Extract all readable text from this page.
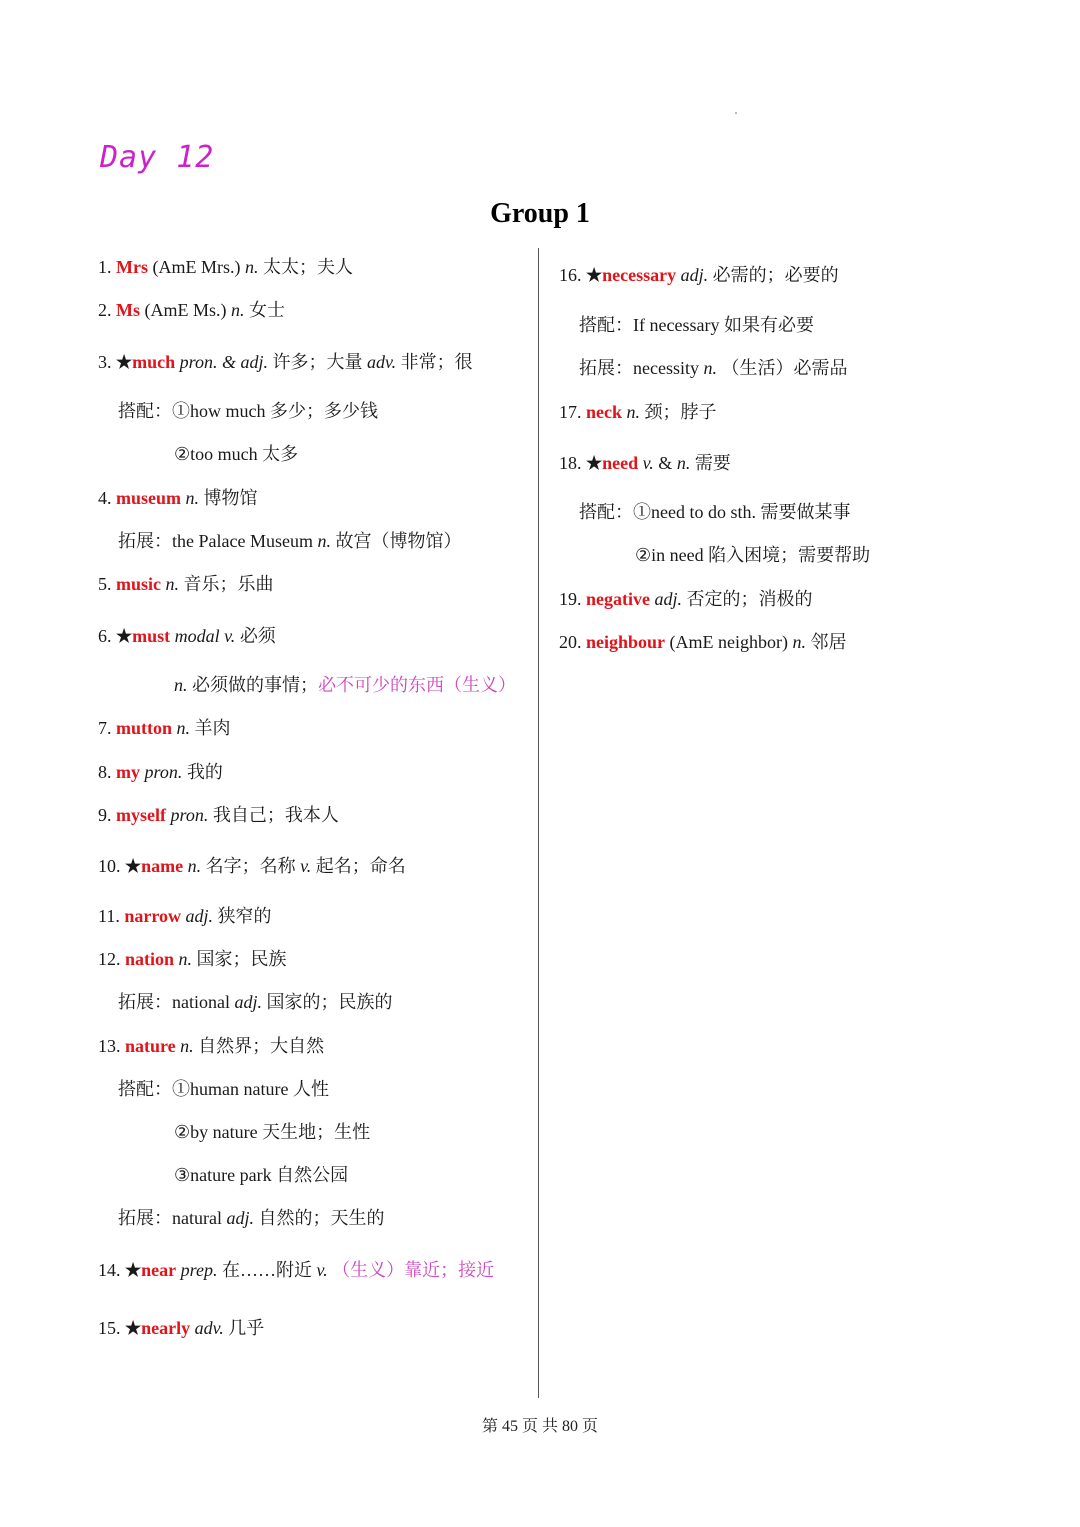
Day 12
Group 1
1. Mrs (AmE Mrs.) n. 太太；夫人
2. Ms (AmE Ms.) n. 女士
3. ★much pron. & adj. 许多；大量 adv. 非常；很
搭配：①how much 多少；多少钱
②too much 太多
4. museum n. 博物馆
拓展：the Palace Museum n. 故宫（博物馆）
5. music n. 音乐；乐曲
6. ★must modal v. 必须
n. 必须做的事情；必不可少的东西（生义）
7. mutton n. 羊肉
8. my pron. 我的
9. myself pron. 我自己；我本人
10. ★name n. 名字；名称 v. 起名；命名
11. narrow adj. 狭窄的
12. nation n. 国家；民族
拓展：national adj. 国家的；民族的
13. nature n. 自然界；大自然
搭配：①human nature 人性
②by nature 天生地；生性
③nature park 自然公园
拓展：natural adj. 自然的；天生的
14. ★near prep. 在……附近 v. （生义）靠近；接近
15. ★nearly adv. 几乎
16. ★necessary adj. 必需的；必要的
搭配：If necessary 如果有必要
拓展：necessity n. （生活）必需品
17. neck n. 颈；脖子
18. ★need v. & n. 需要
搭配：①need to do sth. 需要做某事
②in need 陷入困境；需要帮助
19. negative adj. 否定的；消极的
20. neighbour (AmE neighbor) n. 邻居
第 45 页 共 80 页
